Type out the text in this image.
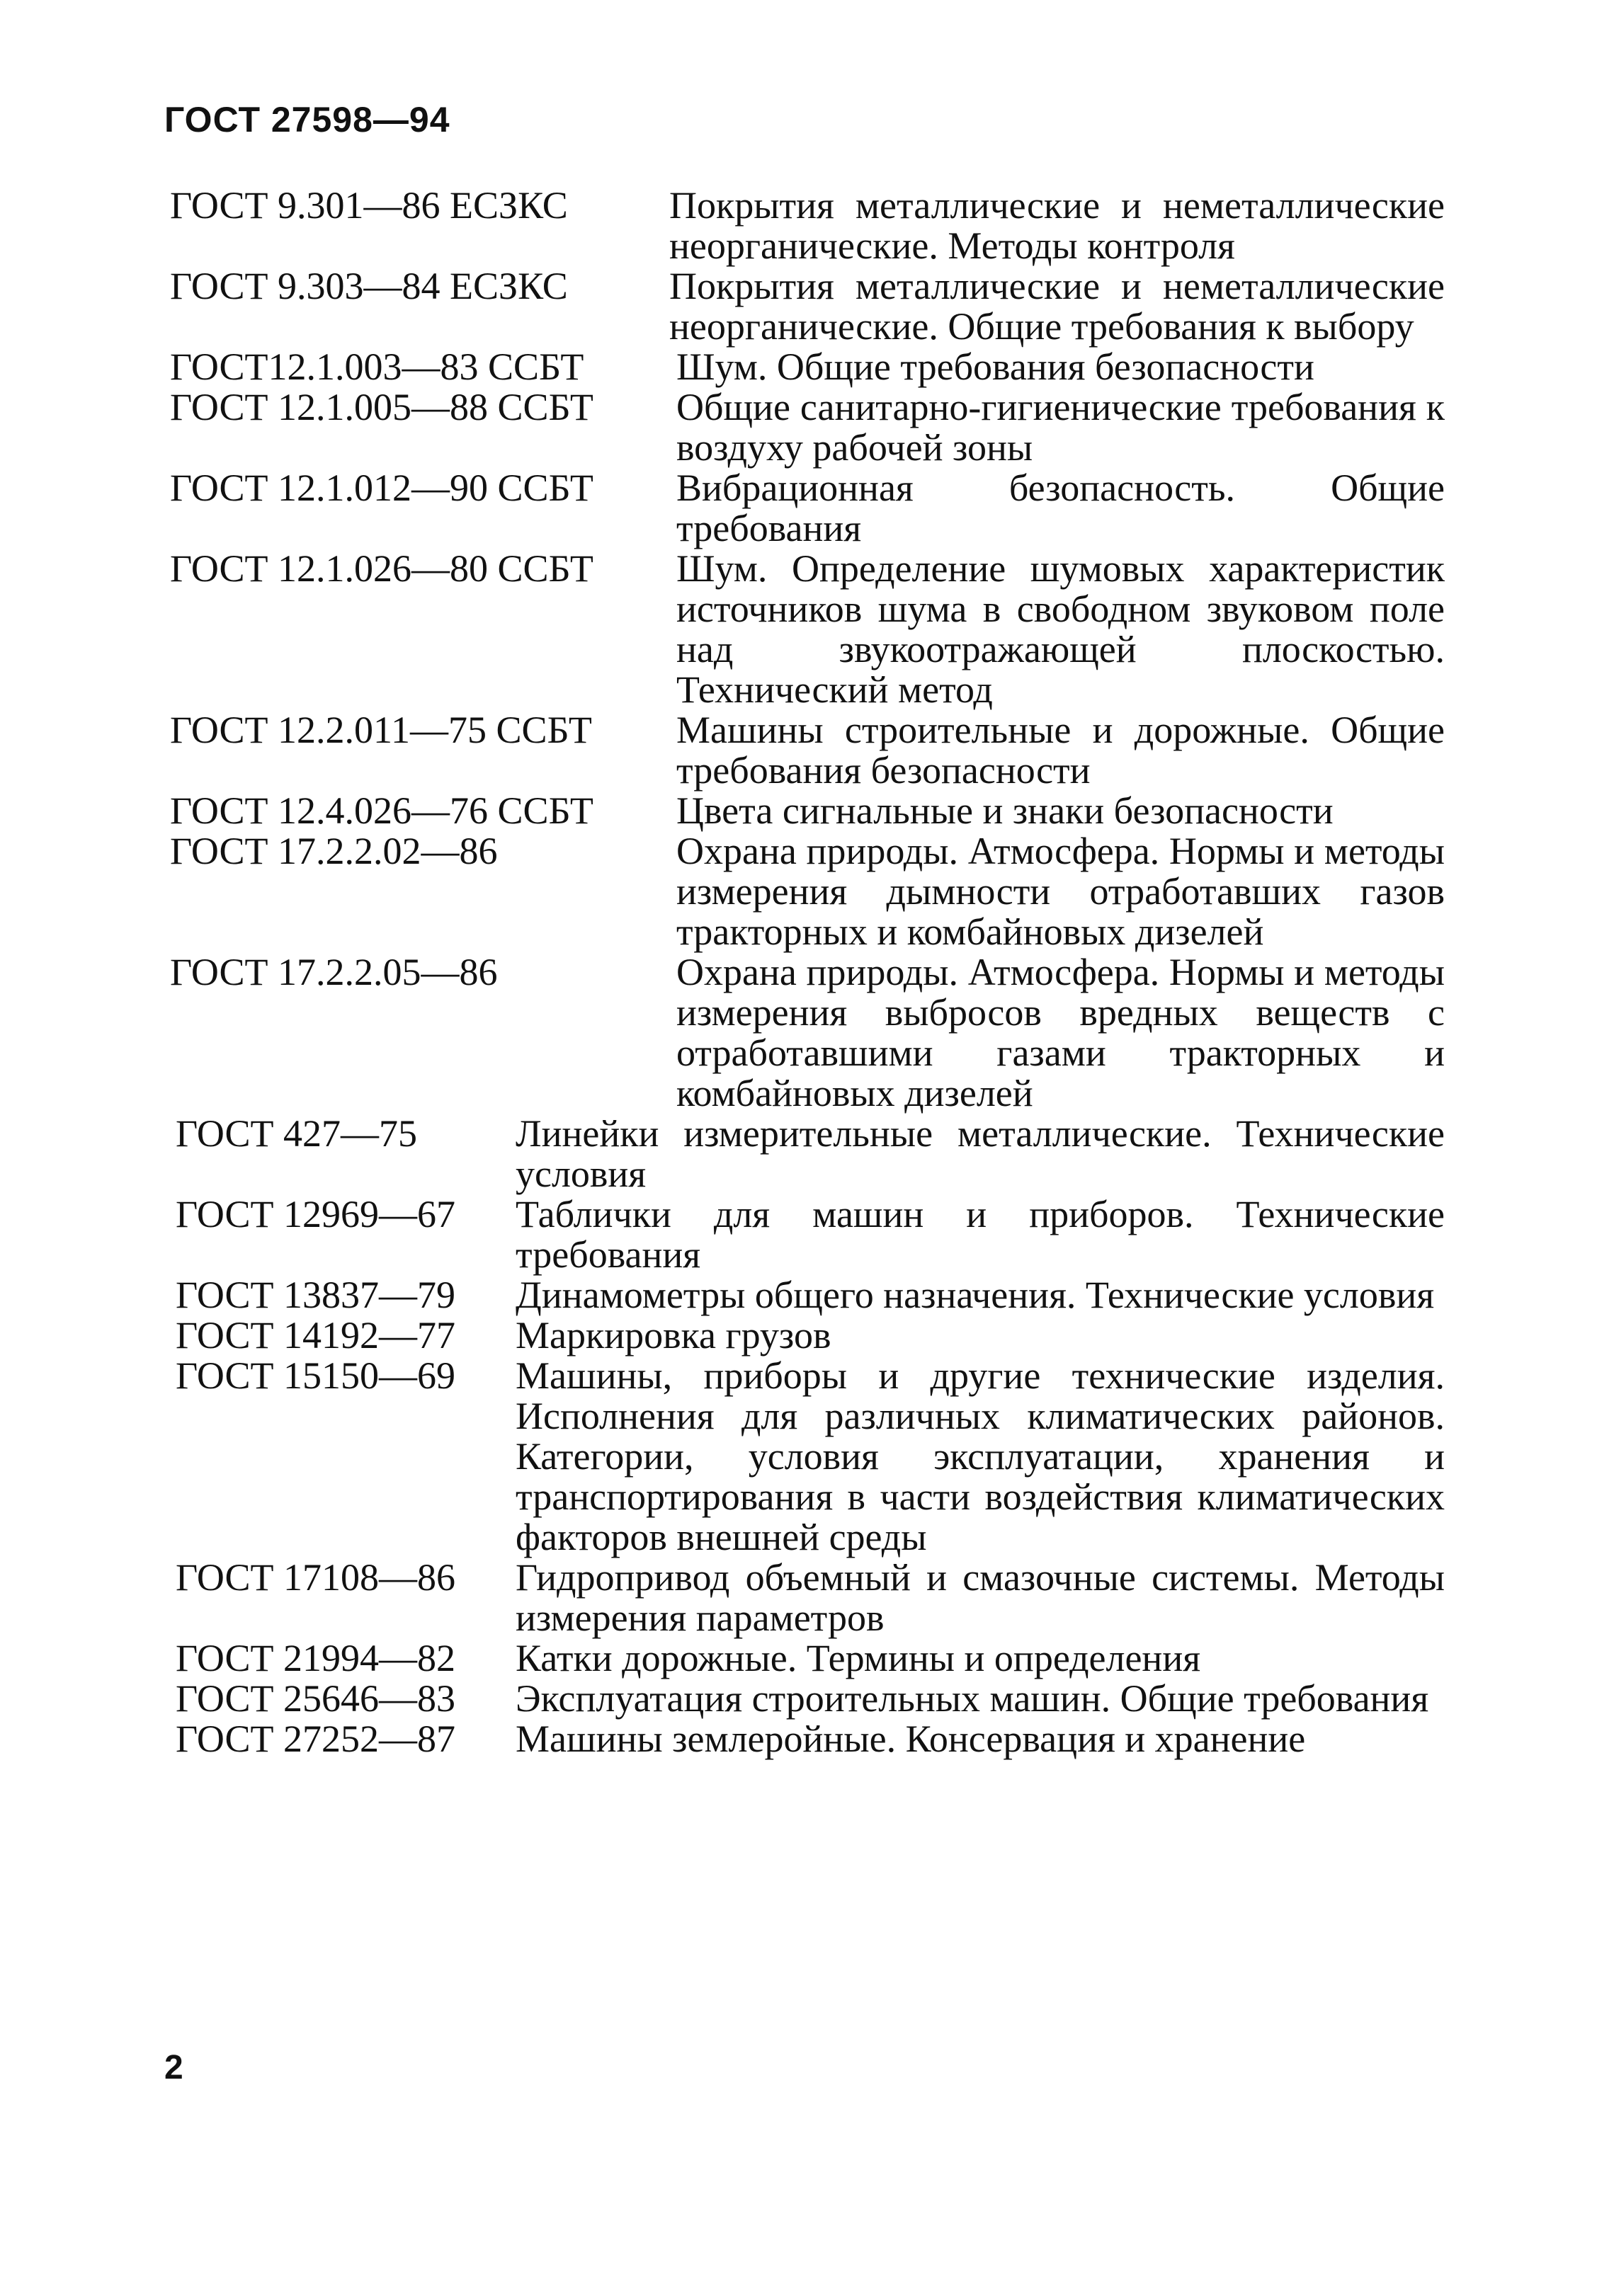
ГОСТ 27598—94
ГОСТ 9.301—86 ЕСЗКС	Покрытия металлические и неметаллические неорганические. Методы контроля
ГОСТ 9.303—84 ЕСЗКС	Покрытия металлические и неметаллические неорганические. Общие требования к выбору
ГОСТ12.1.003—83 ССБТ	Шум. Общие требования безопасности
ГОСТ 12.1.005—88 ССБТ	Общие санитарно-гигиенические требования к воздуху рабочей зоны
ГОСТ 12.1.012—90 ССБТ	Вибрационная безопасность. Общие требования
ГОСТ 12.1.026—80 ССБТ	Шум. Определение шумовых характеристик источников шума в свободном звуковом поле над звукоотражающей плоскостью. Технический метод
ГОСТ 12.2.011—75 ССБТ	Машины строительные и дорожные. Общие требования безопасности
ГОСТ 12.4.026—76 ССБТ	Цвета сигнальные и знаки безопасности
ГОСТ 17.2.2.02—86	Охрана природы. Атмосфера. Нормы и методы измерения дымности отработавших газов тракторных и комбайновых дизелей
ГОСТ 17.2.2.05—86	Охрана природы. Атмосфера. Нормы и методы измерения выбросов вредных веществ с отработавшими газами тракторных и комбайновых дизелей
ГОСТ 427—75	Линейки измерительные металлические. Технические условия
ГОСТ 12969—67	Таблички для машин и приборов. Технические требования
ГОСТ 13837—79	Динамометры общего назначения. Технические условия
ГОСТ 14192—77	Маркировка грузов
ГОСТ 15150—69	Машины, приборы и другие технические изделия. Исполнения для различных климатических районов. Категории, условия эксплуатации, хранения и транспортирования в части воздействия климатических факторов внешней среды
ГОСТ 17108—86	Гидропривод объемный и смазочные системы. Методы измерения параметров
ГОСТ 21994—82	Катки дорожные. Термины и определения
ГОСТ 25646—83	Эксплуатация строительных машин. Общие требования
ГОСТ 27252—87	Машины землеройные. Консервация и хранение
2
